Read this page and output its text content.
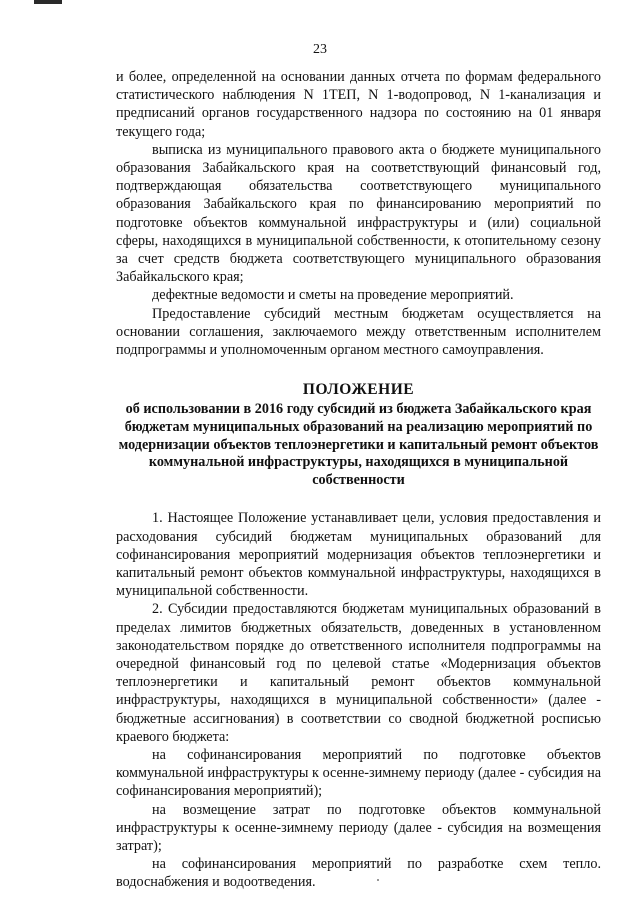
23

и более, определенной на основании данных отчета по формам федерального статистического наблюдения N 1ТЕП, N 1-водопровод, N 1-канализация и предписаний органов государственного надзора по состоянию на 01 января текущего года;

выписка из муниципального правового акта о бюджете муниципального образования Забайкальского края на соответствующий финансовый год, подтверждающая обязательства соответствующего муниципального образования Забайкальского края по финансированию мероприятий по подготовке объектов коммунальной инфраструктуры и (или) социальной сферы, находящихся в муниципальной собственности, к отопительному сезону за счет средств бюджета соответствующего муниципального образования Забайкальского края;

дефектные ведомости и сметы на проведение мероприятий.

Предоставление субсидий местным бюджетам осуществляется на основании соглашения, заключаемого между ответственным исполнителем подпрограммы и уполномоченным органом местного самоуправления.

ПОЛОЖЕНИЕ
об использовании в 2016 году субсидий из бюджета Забайкальского края бюджетам муниципальных образований на реализацию мероприятий по модернизации объектов теплоэнергетики и капитальный ремонт объектов коммунальной инфраструктуры, находящихся в муниципальной собственности

1. Настоящее Положение устанавливает цели, условия предоставления и расходования субсидий бюджетам муниципальных образований для софинансирования мероприятий модернизация объектов теплоэнергетики и капитальный ремонт объектов коммунальной инфраструктуры, находящихся в муниципальной собственности.

2. Субсидии предоставляются бюджетам муниципальных образований в пределах лимитов бюджетных обязательств, доведенных в установленном законодательством порядке до ответственного исполнителя подпрограммы на очередной финансовый год по целевой статье «Модернизация объектов теплоэнергетики и капитальный ремонт объектов коммунальной инфраструктуры, находящихся в муниципальной собственности» (далее - бюджетные ассигнования) в соответствии со сводной бюджетной росписью краевого бюджета:

на софинансирования мероприятий по подготовке объектов коммунальной инфраструктуры к осенне-зимнему периоду (далее - субсидия на софинансирования мероприятий);

на возмещение затрат по подготовке объектов коммунальной инфраструктуры к осенне-зимнему периоду (далее - субсидия на возмещения затрат);

на софинансирования мероприятий по разработке схем тепло. водоснабжения и водоотведения.
